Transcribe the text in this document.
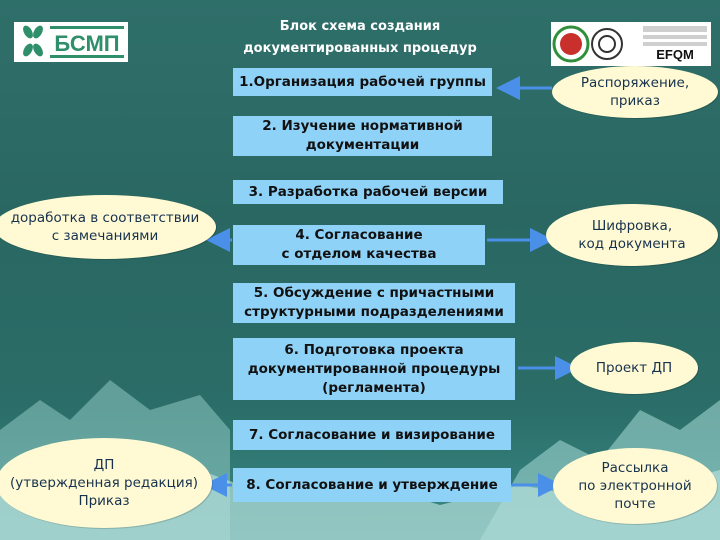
БСМП	EFQM
Блок схема создания
документированных процедур
1.Организация рабочей группы
2. Изучение нормативной
документации
3. Разработка рабочей версии
4. Согласование
с отделом качества
5. Обсуждение с причастными
структурными подразделениями
6. Подготовка проекта
документированной процедуры
(регламента)
7. Согласование и визирование
8. Согласование и утверждение
Распоряжение,
приказ
доработка в соответствии
с замечаниями
Шифровка,
код документа
Проект ДП
ДП
(утвержденная редакция)
Приказ
Рассылка
по электронной
почте
